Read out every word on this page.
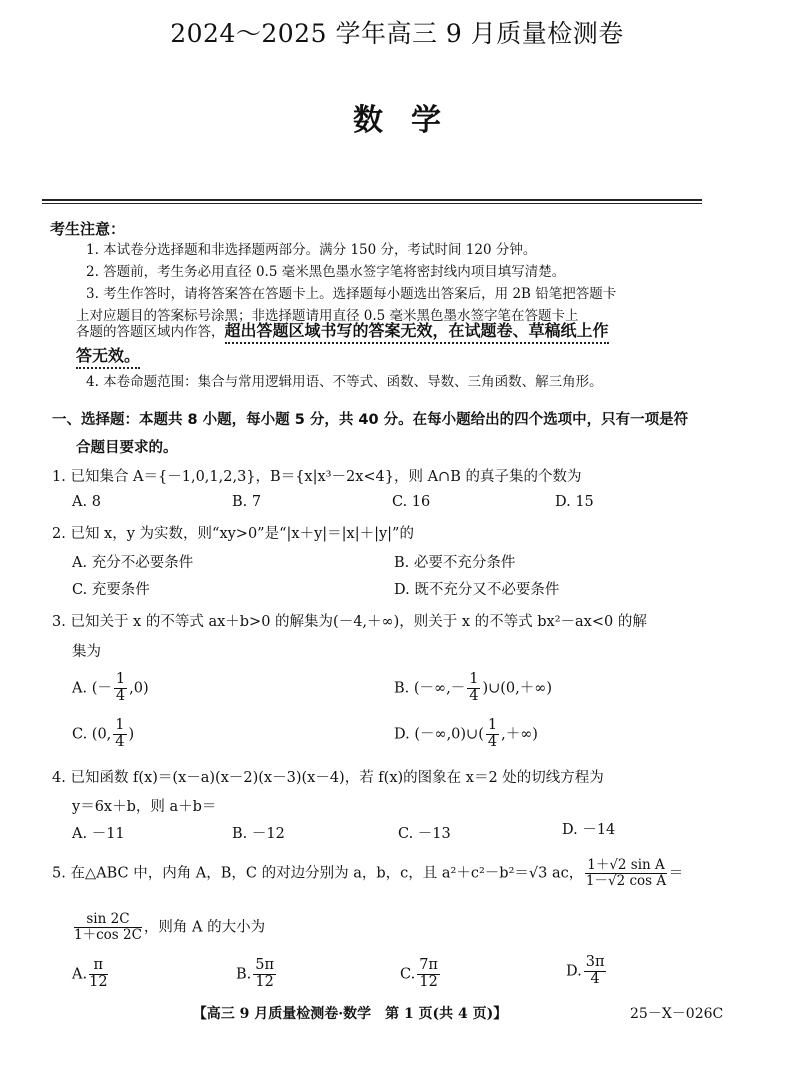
2024～2025 学年高三 9 月质量检测卷
数学
考生注意：
1. 本试卷分选择题和非选择题两部分。满分 150 分，考试时间 120 分钟。
2. 答题前，考生务必用直径 0.5 毫米黑色墨水签字笔将密封线内项目填写清楚。
3. 考生作答时，请将答案答在答题卡上。选择题每小题选出答案后，用 2B 铅笔把答题卡
上对应题目的答案标号涂黑；非选择题请用直径 0.5 毫米黑色墨水签字笔在答题卡上
各题的答题区域内作答，超出答题区域书写的答案无效，在试题卷、草稿纸上作
答无效。
4. 本卷命题范围：集合与常用逻辑用语、不等式、函数、导数、三角函数、解三角形。
一、选择题：本题共 8 小题，每小题 5 分，共 40 分。在每小题给出的四个选项中，只有一项是符
合题目要求的。
1. 已知集合 A＝{－1,0,1,2,3}，B＝{x|x³－2x<4}，则 A∩B 的真子集的个数为
A. 8	B. 7	C. 16	D. 15
2. 已知 x，y 为实数，则“xy>0”是“|x＋y|＝|x|＋|y|”的
A. 充分不必要条件	B. 必要不充分条件
C. 充要条件	D. 既不充分又不必要条件
3. 已知关于 x 的不等式 ax＋b>0 的解集为(－4,＋∞)，则关于 x 的不等式 bx²－ax<0 的解
集为
A. (－ $\frac{1}{4} ,0$)	B. (－∞,－ $\frac{1}{4}$ )∪(0,＋∞)
C. (0, $\frac{1}{4}$ )	D. (－∞,0)∪( $\frac{1}{4}$ ,＋∞)
4. 已知函数 f(x)＝(x－a)(x－2)(x－3)(x－4)，若 f(x)的图象在 x＝2 处的切线方程为
y＝6x＋b，则 a＋b＝
A. －11	B. －12	C. －13	D. －14
5. 在△ABC 中，内角 A，B，C 的对边分别为 a，b，c，且 a²＋c²－b²＝√3 ac， $\frac{\text{1＋√2 sin A}}{\text{1－√2 cos A}}$ ＝
$\frac{\sin 2C}{1+\cos 2C}$ ，则角 A 的大小为
A. $\frac{\pi}{12}$	B. $\frac{5\pi}{12}$	C. $\frac{7\pi}{12}$	D. $\frac{3\pi}{4}$
【高三 9 月质量检测卷·数学　第 1 页(共 4 页)】	25－X－026C
